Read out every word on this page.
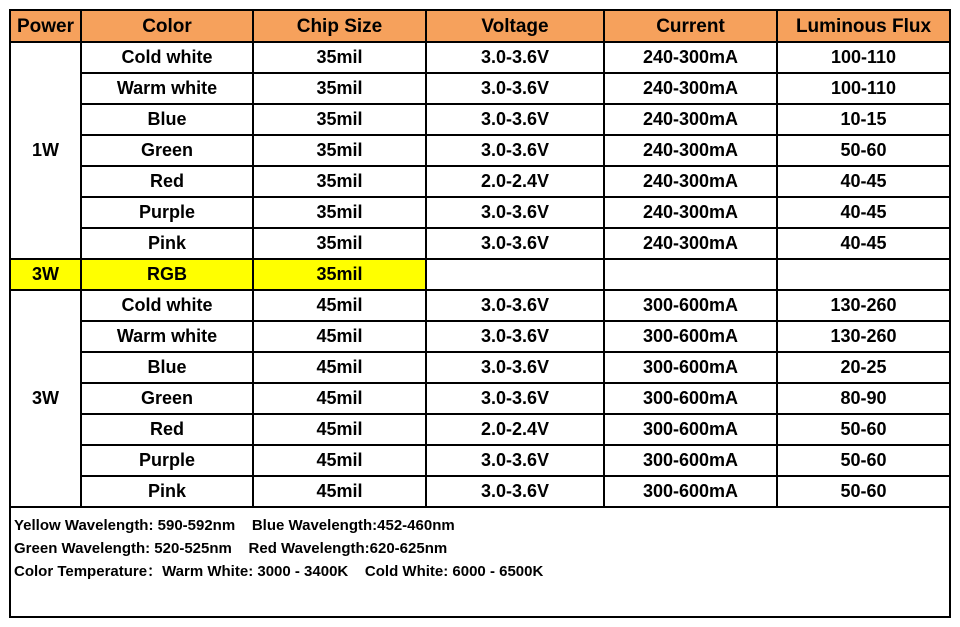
Power	Color	Chip Size	Voltage	Current	Luminous Flux
1W	Cold white	35mil	3.0-3.6V	240-300mA	100-110
	Warm white	35mil	3.0-3.6V	240-300mA	100-110
	Blue	35mil	3.0-3.6V	240-300mA	10-15
	Green	35mil	3.0-3.6V	240-300mA	50-60
	Red	35mil	2.0-2.4V	240-300mA	40-45
	Purple	35mil	3.0-3.6V	240-300mA	40-45
	Pink	35mil	3.0-3.6V	240-300mA	40-45
3W	RGB	35mil			
3W	Cold white	45mil	3.0-3.6V	300-600mA	130-260
	Warm white	45mil	3.0-3.6V	300-600mA	130-260
	Blue	45mil	3.0-3.6V	300-600mA	20-25
	Green	45mil	3.0-3.6V	300-600mA	80-90
	Red	45mil	2.0-2.4V	300-600mA	50-60
	Purple	45mil	3.0-3.6V	300-600mA	50-60
	Pink	45mil	3.0-3.6V	300-600mA	50-60
Yellow Wavelength: 590-592nm    Blue Wavelength:452-460nm
Green Wavelength: 520-525nm    Red Wavelength:620-625nm
Color Temperature：Warm White: 3000 - 3400K    Cold White: 6000 - 6500K
